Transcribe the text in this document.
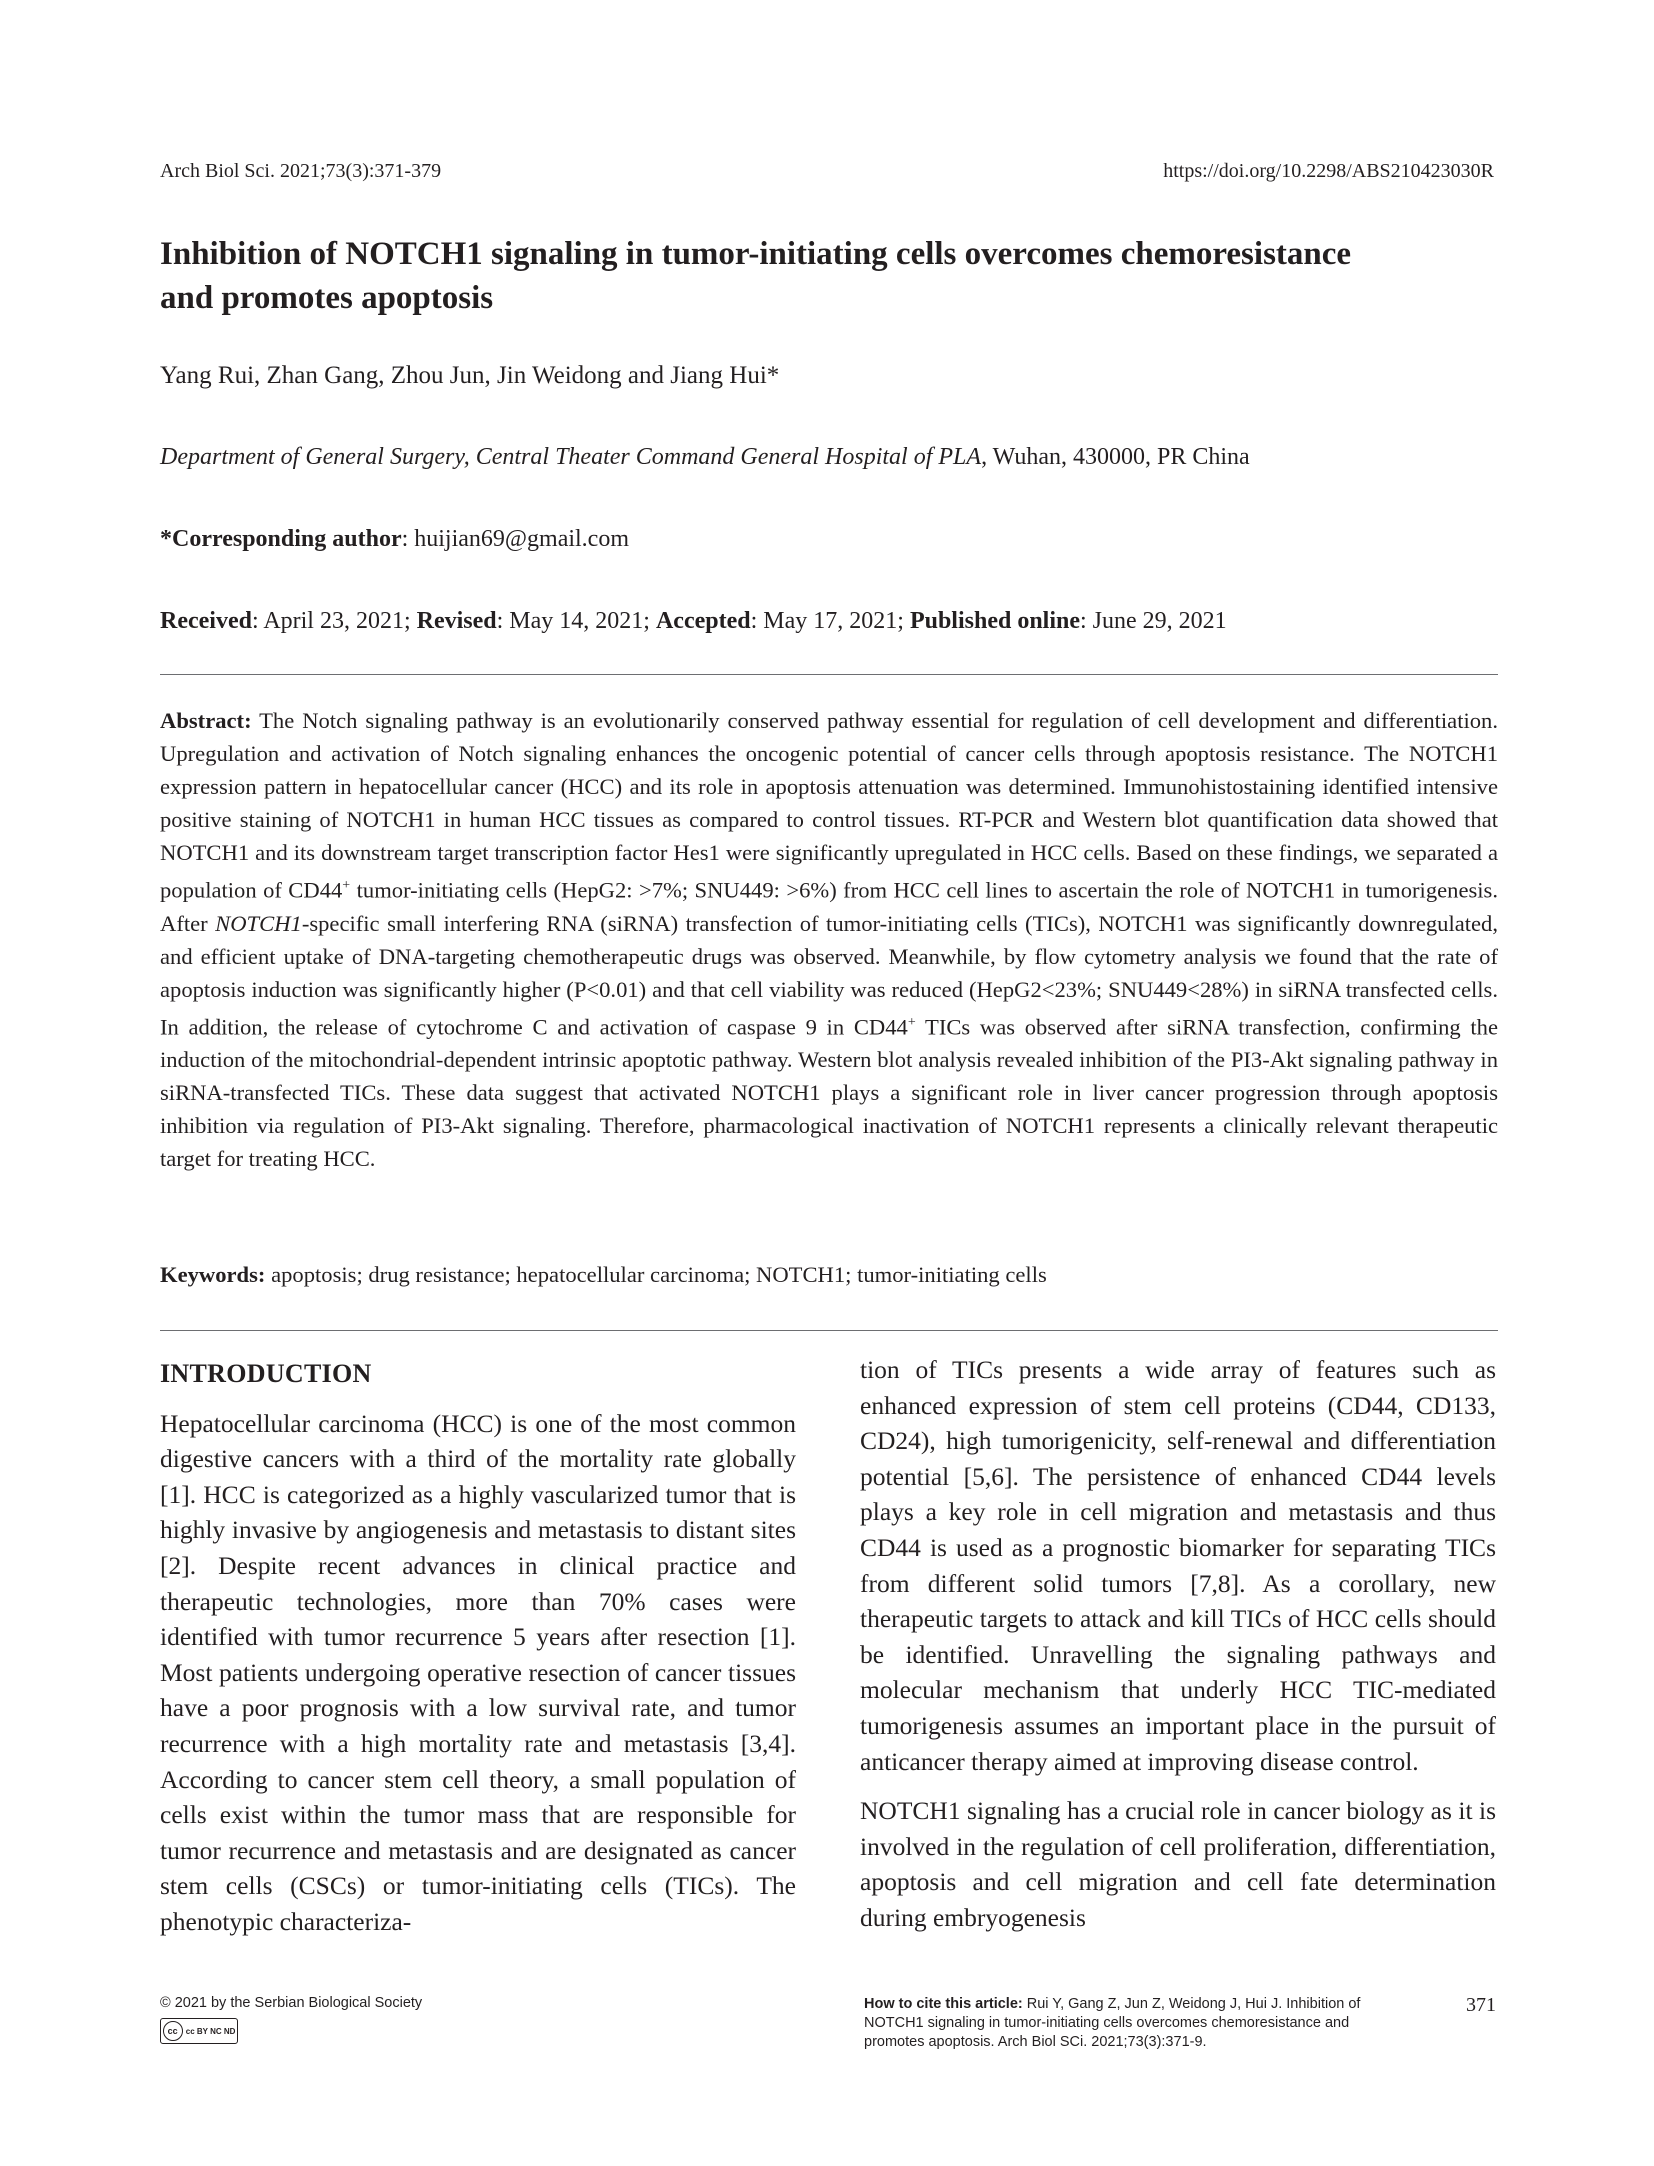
Arch Biol Sci. 2021;73(3):371-379	https://doi.org/10.2298/ABS210423030R
Inhibition of NOTCH1 signaling in tumor-initiating cells overcomes chemoresistance
and promotes apoptosis
Yang Rui, Zhan Gang, Zhou Jun, Jin Weidong and Jiang Hui*
Department of General Surgery, Central Theater Command General Hospital of PLA, Wuhan, 430000, PR China
*Corresponding author: huijian69@gmail.com
Received: April 23, 2021; Revised: May 14, 2021; Accepted: May 17, 2021; Published online: June 29, 2021
Abstract: The Notch signaling pathway is an evolutionarily conserved pathway essential for regulation of cell development and differentiation. Upregulation and activation of Notch signaling enhances the oncogenic potential of cancer cells through apoptosis resistance. The NOTCH1 expression pattern in hepatocellular cancer (HCC) and its role in apoptosis attenuation was determined. Immunohistostaining identified intensive positive staining of NOTCH1 in human HCC tissues as compared to control tissues. RT-PCR and Western blot quantification data showed that NOTCH1 and its downstream target transcription factor Hes1 were significantly upregulated in HCC cells. Based on these findings, we separated a population of CD44+ tumor-initiating cells (HepG2: >7%; SNU449: >6%) from HCC cell lines to ascertain the role of NOTCH1 in tumorigenesis. After NOTCH1-specific small interfering RNA (siRNA) transfection of tumor-initiating cells (TICs), NOTCH1 was significantly downregulated, and efficient uptake of DNA-targeting chemotherapeutic drugs was observed. Meanwhile, by flow cytometry analysis we found that the rate of apoptosis induction was significantly higher (P<0.01) and that cell viability was reduced (HepG2<23%; SNU449<28%) in siRNA transfected cells. In addition, the release of cytochrome C and activation of caspase 9 in CD44+ TICs was observed after siRNA transfection, confirming the induction of the mitochondrial-dependent intrinsic apoptotic pathway. Western blot analysis revealed inhibition of the PI3-Akt signaling pathway in siRNA-transfected TICs. These data suggest that activated NOTCH1 plays a significant role in liver cancer progression through apoptosis inhibition via regulation of PI3-Akt signaling. Therefore, pharmacological inactivation of NOTCH1 represents a clinically relevant therapeutic target for treating HCC.
Keywords: apoptosis; drug resistance; hepatocellular carcinoma; NOTCH1; tumor-initiating cells

INTRODUCTION

Hepatocellular carcinoma (HCC) is one of the most common digestive cancers with a third of the mortality rate globally [1]. HCC is categorized as a highly vascularized tumor that is highly invasive by angiogenesis and metastasis to distant sites [2]. Despite recent advances in clinical practice and therapeutic technologies, more than 70% cases were identified with tumor recurrence 5 years after resection [1]. Most patients undergoing operative resection of cancer tissues have a poor prognosis with a low survival rate, and tumor recurrence with a high mortality rate and metastasis [3,4]. According to cancer stem cell theory, a small population of cells exist within the tumor mass that are responsible for tumor recurrence and metastasis and are designated as cancer stem cells (CSCs) or tumor-initiating cells (TICs). The phenotypic characteriza-

tion of TICs presents a wide array of features such as enhanced expression of stem cell proteins (CD44, CD133, CD24), high tumorigenicity, self-renewal and differentiation potential [5,6]. The persistence of enhanced CD44 levels plays a key role in cell migration and metastasis and thus CD44 is used as a prognostic biomarker for separating TICs from different solid tumors [7,8]. As a corollary, new therapeutic targets to attack and kill TICs of HCC cells should be identified. Unravelling the signaling pathways and molecular mechanism that underly HCC TIC-mediated tumorigenesis assumes an important place in the pursuit of anticancer therapy aimed at improving disease control.

NOTCH1 signaling has a crucial role in cancer biology as it is involved in the regulation of cell proliferation, differentiation, apoptosis and cell migration and cell fate determination during embryogenesis

© 2021 by the Serbian Biological Society
cc	cc BY NC ND
How to cite this article: Rui Y, Gang Z, Jun Z, Weidong J, Hui J. Inhibition of NOTCH1 signaling in tumor-initiating cells overcomes chemoresistance and promotes apoptosis. Arch Biol SCi. 2021;73(3):371-9.
371
